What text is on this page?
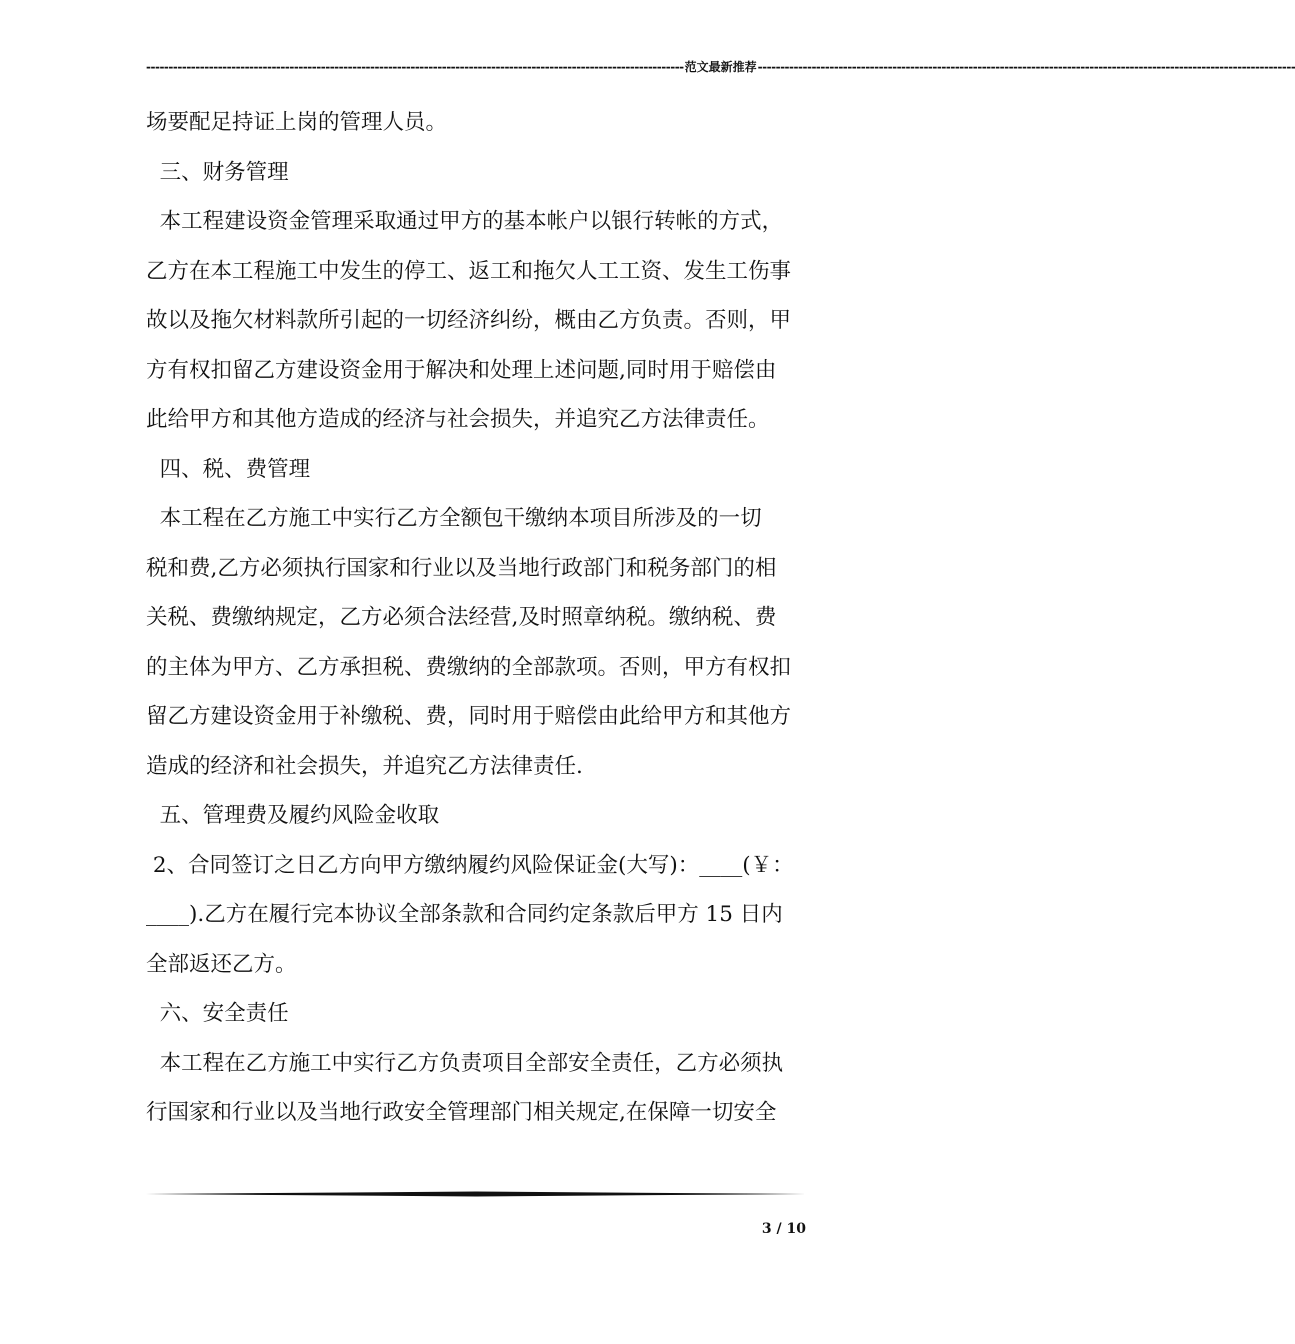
------------------------------------------------------------------------------------------------------------------------ 范文最新推荐 ------------------------------------------------------------------------------------------------------------------------
场要配足持证上岗的管理人员。
三、财务管理
本工程建设资金管理采取通过甲方的基本帐户以银行转帐的方式，
乙方在本工程施工中发生的停工、返工和拖欠人工工资、发生工伤事
故以及拖欠材料款所引起的一切经济纠纷，概由乙方负责。否则，甲
方有权扣留乙方建设资金用于解决和处理上述问题,同时用于赔偿由
此给甲方和其他方造成的经济与社会损失，并追究乙方法律责任。
四、税、费管理
本工程在乙方施工中实行乙方全额包干缴纳本项目所涉及的一切
税和费,乙方必须执行国家和行业以及当地行政部门和税务部门的相
关税、费缴纳规定，乙方必须合法经营,及时照章纳税。缴纳税、费
的主体为甲方、乙方承担税、费缴纳的全部款项。否则，甲方有权扣
留乙方建设资金用于补缴税、费，同时用于赔偿由此给甲方和其他方
造成的经济和社会损失，并追究乙方法律责任.
五、管理费及履约风险金收取
2、合同签订之日乙方向甲方缴纳履约风险保证金(大写)：____(￥：
____).乙方在履行完本协议全部条款和合同约定条款后甲方 15 日内
全部返还乙方。
六、安全责任
本工程在乙方施工中实行乙方负责项目全部安全责任，乙方必须执
行国家和行业以及当地行政安全管理部门相关规定,在保障一切安全
3 / 10
